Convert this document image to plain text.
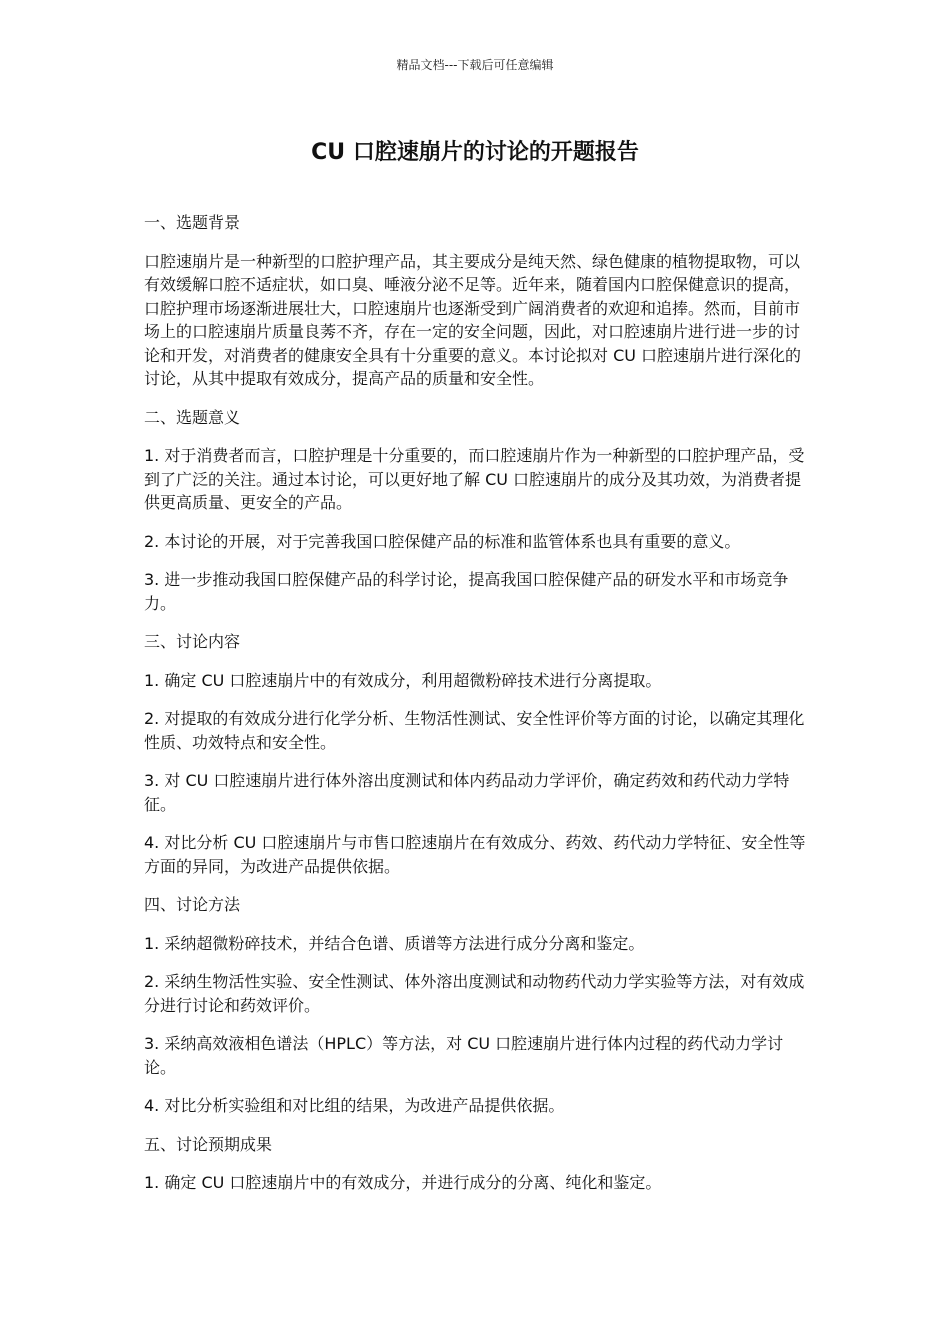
精品文档---下载后可任意编辑
CU 口腔速崩片的讨论的开题报告

一、选题背景

口腔速崩片是一种新型的口腔护理产品，其主要成分是纯天然、绿色健康的植物提取物，可以有效缓解口腔不适症状，如口臭、唾液分泌不足等。近年来，随着国内口腔保健意识的提高，口腔护理市场逐渐进展壮大，口腔速崩片也逐渐受到广阔消费者的欢迎和追捧。然而，目前市场上的口腔速崩片质量良莠不齐，存在一定的安全问题，因此，对口腔速崩片进行进一步的讨论和开发，对消费者的健康安全具有十分重要的意义。本讨论拟对 CU 口腔速崩片进行深化的讨论，从其中提取有效成分，提高产品的质量和安全性。

二、选题意义

1. 对于消费者而言，口腔护理是十分重要的，而口腔速崩片作为一种新型的口腔护理产品，受到了广泛的关注。通过本讨论，可以更好地了解 CU 口腔速崩片的成分及其功效，为消费者提供更高质量、更安全的产品。

2. 本讨论的开展，对于完善我国口腔保健产品的标准和监管体系也具有重要的意义。

3. 进一步推动我国口腔保健产品的科学讨论，提高我国口腔保健产品的研发水平和市场竞争力。

三、讨论内容

1. 确定 CU 口腔速崩片中的有效成分，利用超微粉碎技术进行分离提取。

2. 对提取的有效成分进行化学分析、生物活性测试、安全性评价等方面的讨论，以确定其理化性质、功效特点和安全性。

3. 对 CU 口腔速崩片进行体外溶出度测试和体内药品动力学评价，确定药效和药代动力学特征。

4. 对比分析 CU 口腔速崩片与市售口腔速崩片在有效成分、药效、药代动力学特征、安全性等方面的异同，为改进产品提供依据。

四、讨论方法

1. 采纳超微粉碎技术，并结合色谱、质谱等方法进行成分分离和鉴定。

2. 采纳生物活性实验、安全性测试、体外溶出度测试和动物药代动力学实验等方法，对有效成分进行讨论和药效评价。

3. 采纳高效液相色谱法（HPLC）等方法，对 CU 口腔速崩片进行体内过程的药代动力学讨论。

4. 对比分析实验组和对比组的结果，为改进产品提供依据。

五、讨论预期成果

1. 确定 CU 口腔速崩片中的有效成分，并进行成分的分离、纯化和鉴定。
